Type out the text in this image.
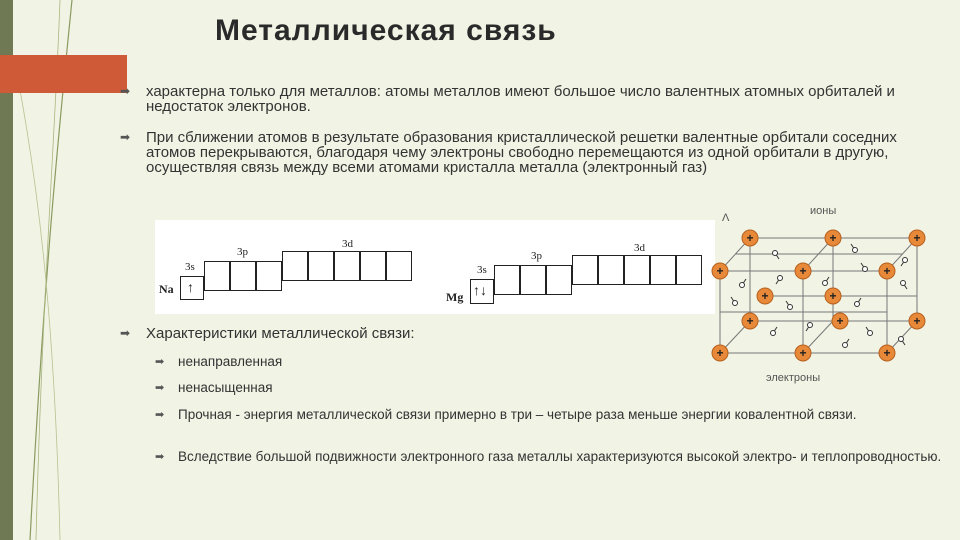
Металлическая связь
➡ характерна только для металлов: атомы металлов имеют большое число валентных атомных орбиталей и недостаток электронов.
➡ При сближении атомов в результате образования кристаллической решетки валентные орбитали соседних атомов перекрываются, благодаря чему электроны свободно перемещаются из одной орбитали в другую, осуществляя связь между всеми атомами кристалла металла (электронный газ)
➡ Характеристики металлической связи:
➡ ненаправленная
➡ ненасыщенная
➡ Прочная - энергия металлической связи примерно в три – четыре раза меньше энергии ковалентной связи.
➡ Вследствие большой подвижности электронного газа металлы характеризуются высокой электро- и теплопроводностью.
Na
3s
3p
3d
↑
Mg
3s
3p
3d
↑↓
Λ
ионы
электроны
+	+	+
+	+	+
+	+	+
+
+
+
+
+
